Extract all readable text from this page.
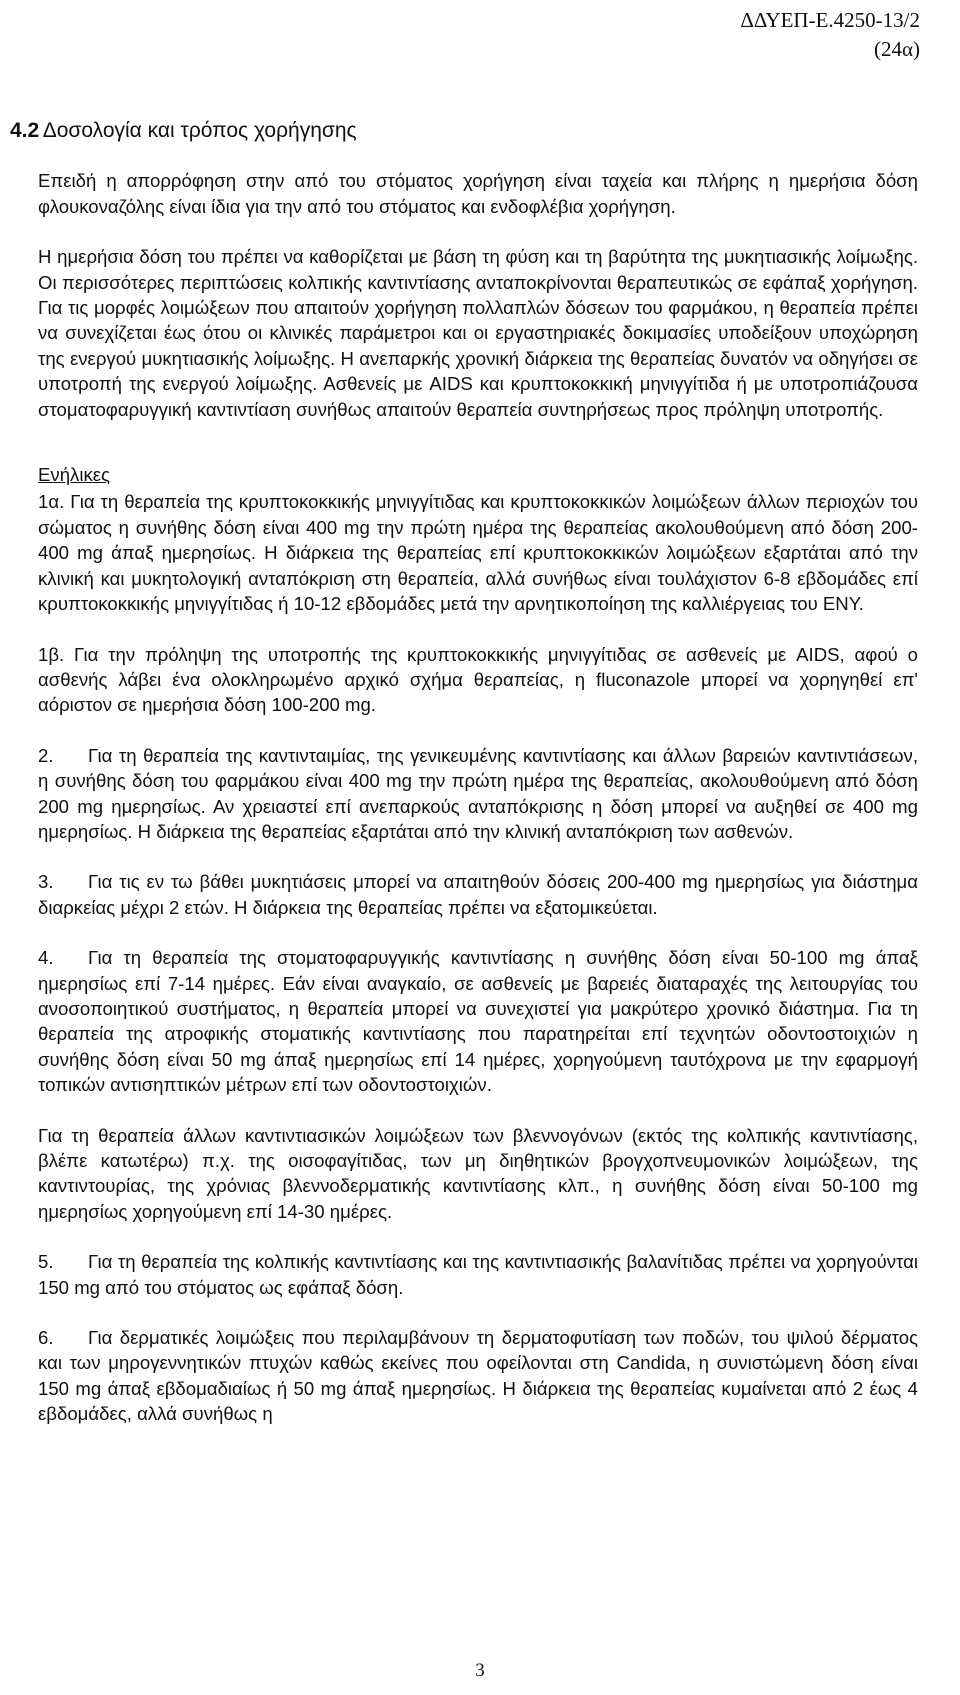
ΔΔΥΕΠ-Ε.4250-13/2
(24α)
4.2 Δοσολογία και τρόπος χορήγησης

Επειδή η απορρόφηση στην από του στόματος χορήγηση είναι ταχεία και πλήρης η ημερήσια δόση φλουκοναζόλης είναι ίδια για την από του στόματος και ενδοφλέβια χορήγηση.

Η ημερήσια δόση του πρέπει να καθορίζεται με βάση τη φύση και τη βαρύτητα της μυκητιασικής λοίμωξης. Οι περισσότερες περιπτώσεις κολπικής καντιντίασης ανταποκρίνονται θεραπευτικώς σε εφάπαξ χορήγηση. Για τις μορφές λοιμώξεων που απαιτούν χορήγηση πολλαπλών δόσεων του φαρμάκου, η θεραπεία πρέπει να συνεχίζεται έως ότου οι κλινικές παράμετροι και οι εργαστηριακές δοκιμασίες υποδείξουν υποχώρηση της ενεργού μυκητιασικής λοίμωξης. Η ανεπαρκής χρονική διάρκεια της θεραπείας δυνατόν να οδηγήσει σε υποτροπή της ενεργού λοίμωξης. Ασθενείς με AIDS και κρυπτοκοκκική μηνιγγίτιδα ή με υποτροπιάζουσα στοματοφαρυγγική καντιντίαση συνήθως απαιτούν θεραπεία συντηρήσεως προς πρόληψη υποτροπής.

Ενήλικες

1α. Για τη θεραπεία της κρυπτοκοκκικής μηνιγγίτιδας και κρυπτοκοκκικών λοιμώξεων άλλων περιοχών του σώματος η συνήθης δόση είναι 400 mg την πρώτη ημέρα της θεραπείας ακολουθούμενη από δόση 200-400 mg άπαξ ημερησίως. Η διάρκεια της θεραπείας επί κρυπτοκοκκικών λοιμώξεων εξαρτάται από την κλινική και μυκητολογική ανταπόκριση στη θεραπεία, αλλά συνήθως είναι τουλάχιστον 6-8 εβδομάδες επί κρυπτοκοκκικής μηνιγγίτιδας ή 10-12 εβδομάδες μετά την αρνητικοποίηση της καλλιέργειας του ΕΝΥ.

1β. Για την πρόληψη της υποτροπής της κρυπτοκοκκικής μηνιγγίτιδας σε ασθενείς με AIDS, αφού ο ασθενής λάβει ένα ολοκληρωμένο αρχικό σχήμα θεραπείας, η fluconazole μπορεί να χορηγηθεί επ' αόριστον σε ημερήσια δόση 100-200 mg.

2. Για τη θεραπεία της καντινταιμίας, της γενικευμένης καντιντίασης και άλλων βαρειών καντιντιάσεων, η συνήθης δόση του φαρμάκου είναι 400 mg την πρώτη ημέρα της θεραπείας, ακολουθούμενη από δόση 200 mg ημερησίως. Αν χρειαστεί επί ανεπαρκούς ανταπόκρισης η δόση μπορεί να αυξηθεί σε 400 mg ημερησίως. Η διάρκεια της θεραπείας εξαρτάται από την κλινική ανταπόκριση των ασθενών.

3. Για τις εν τω βάθει μυκητιάσεις μπορεί να απαιτηθούν δόσεις 200-400 mg ημερησίως για διάστημα διαρκείας μέχρι 2 ετών. Η διάρκεια της θεραπείας πρέπει να εξατομικεύεται.

4. Για τη θεραπεία της στοματοφαρυγγικής καντιντίασης η συνήθης δόση είναι 50-100 mg άπαξ ημερησίως επί 7-14 ημέρες. Εάν είναι αναγκαίο, σε ασθενείς με βαρειές διαταραχές της λειτουργίας του ανοσοποιητικού συστήματος, η θεραπεία μπορεί να συνεχιστεί για μακρύτερο χρονικό διάστημα. Για τη θεραπεία της ατροφικής στοματικής καντιντίασης που παρατηρείται επί τεχνητών οδοντοστοιχιών η συνήθης δόση είναι 50 mg άπαξ ημερησίως επί 14 ημέρες, χορηγούμενη ταυτόχρονα με την εφαρμογή τοπικών αντισηπτικών μέτρων επί των οδοντοστοιχιών.

Για τη θεραπεία άλλων καντιντιασικών λοιμώξεων των βλεννογόνων (εκτός της κολπικής καντιντίασης, βλέπε κατωτέρω) π.χ. της οισοφαγίτιδας, των μη διηθητικών βρογχοπνευμονικών λοιμώξεων, της καντιντουρίας, της χρόνιας βλεννοδερματικής καντιντίασης κλπ., η συνήθης δόση είναι 50-100 mg ημερησίως χορηγούμενη επί 14-30 ημέρες.

5. Για τη θεραπεία της κολπικής καντιντίασης και της καντιντιασικής βαλανίτιδας πρέπει να χορηγούνται 150 mg από του στόματος ως εφάπαξ δόση.

6. Για δερματικές λοιμώξεις που περιλαμβάνουν τη δερματοφυτίαση των ποδών, του ψιλού δέρματος και των μηρογεννητικών πτυχών καθώς εκείνες που οφείλονται στη Candida, η συνιστώμενη δόση είναι 150 mg άπαξ εβδομαδιαίως ή 50 mg άπαξ ημερησίως. Η διάρκεια της θεραπείας κυμαίνεται από 2 έως 4 εβδομάδες, αλλά συνήθως η

3
